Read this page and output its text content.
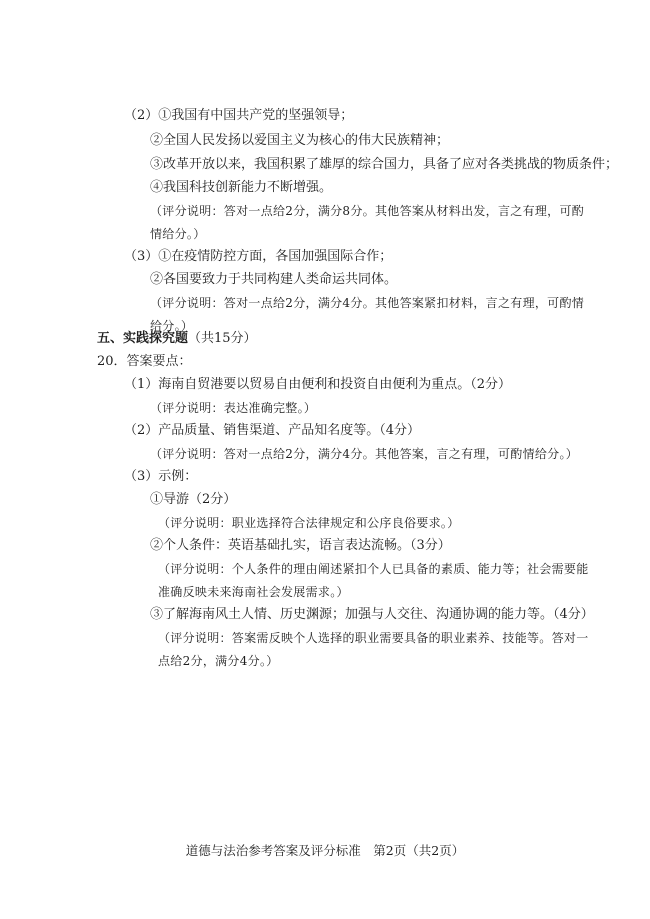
（2）①我国有中国共产党的坚强领导；
②全国人民发扬以爱国主义为核心的伟大民族精神；
③改革开放以来，我国积累了雄厚的综合国力，具备了应对各类挑战的物质条件；
④我国科技创新能力不断增强。
（评分说明：答对一点给2分，满分8分。其他答案从材料出发，言之有理，可酌
情给分。）
（3）①在疫情防控方面，各国加强国际合作；
②各国要致力于共同构建人类命运共同体。
（评分说明：答对一点给2分，满分4分。其他答案紧扣材料，言之有理，可酌情
给分。）
五、实践探究题（共15分）
20．答案要点：
（1）海南自贸港要以贸易自由便利和投资自由便利为重点。（2分）
（评分说明：表达准确完整。）
（2）产品质量、销售渠道、产品知名度等。（4分）
（评分说明：答对一点给2分，满分4分。其他答案，言之有理，可酌情给分。）
（3）示例：
①导游（2分）
（评分说明：职业选择符合法律规定和公序良俗要求。）
②个人条件：英语基础扎实，语言表达流畅。（3分）
（评分说明：个人条件的理由阐述紧扣个人已具备的素质、能力等；社会需要能
准确反映未来海南社会发展需求。）
③了解海南风土人情、历史渊源；加强与人交往、沟通协调的能力等。（4分）
（评分说明：答案需反映个人选择的职业需要具备的职业素养、技能等。答对一
点给2分，满分4分。）
道德与法治参考答案及评分标准　第2页（共2页）
